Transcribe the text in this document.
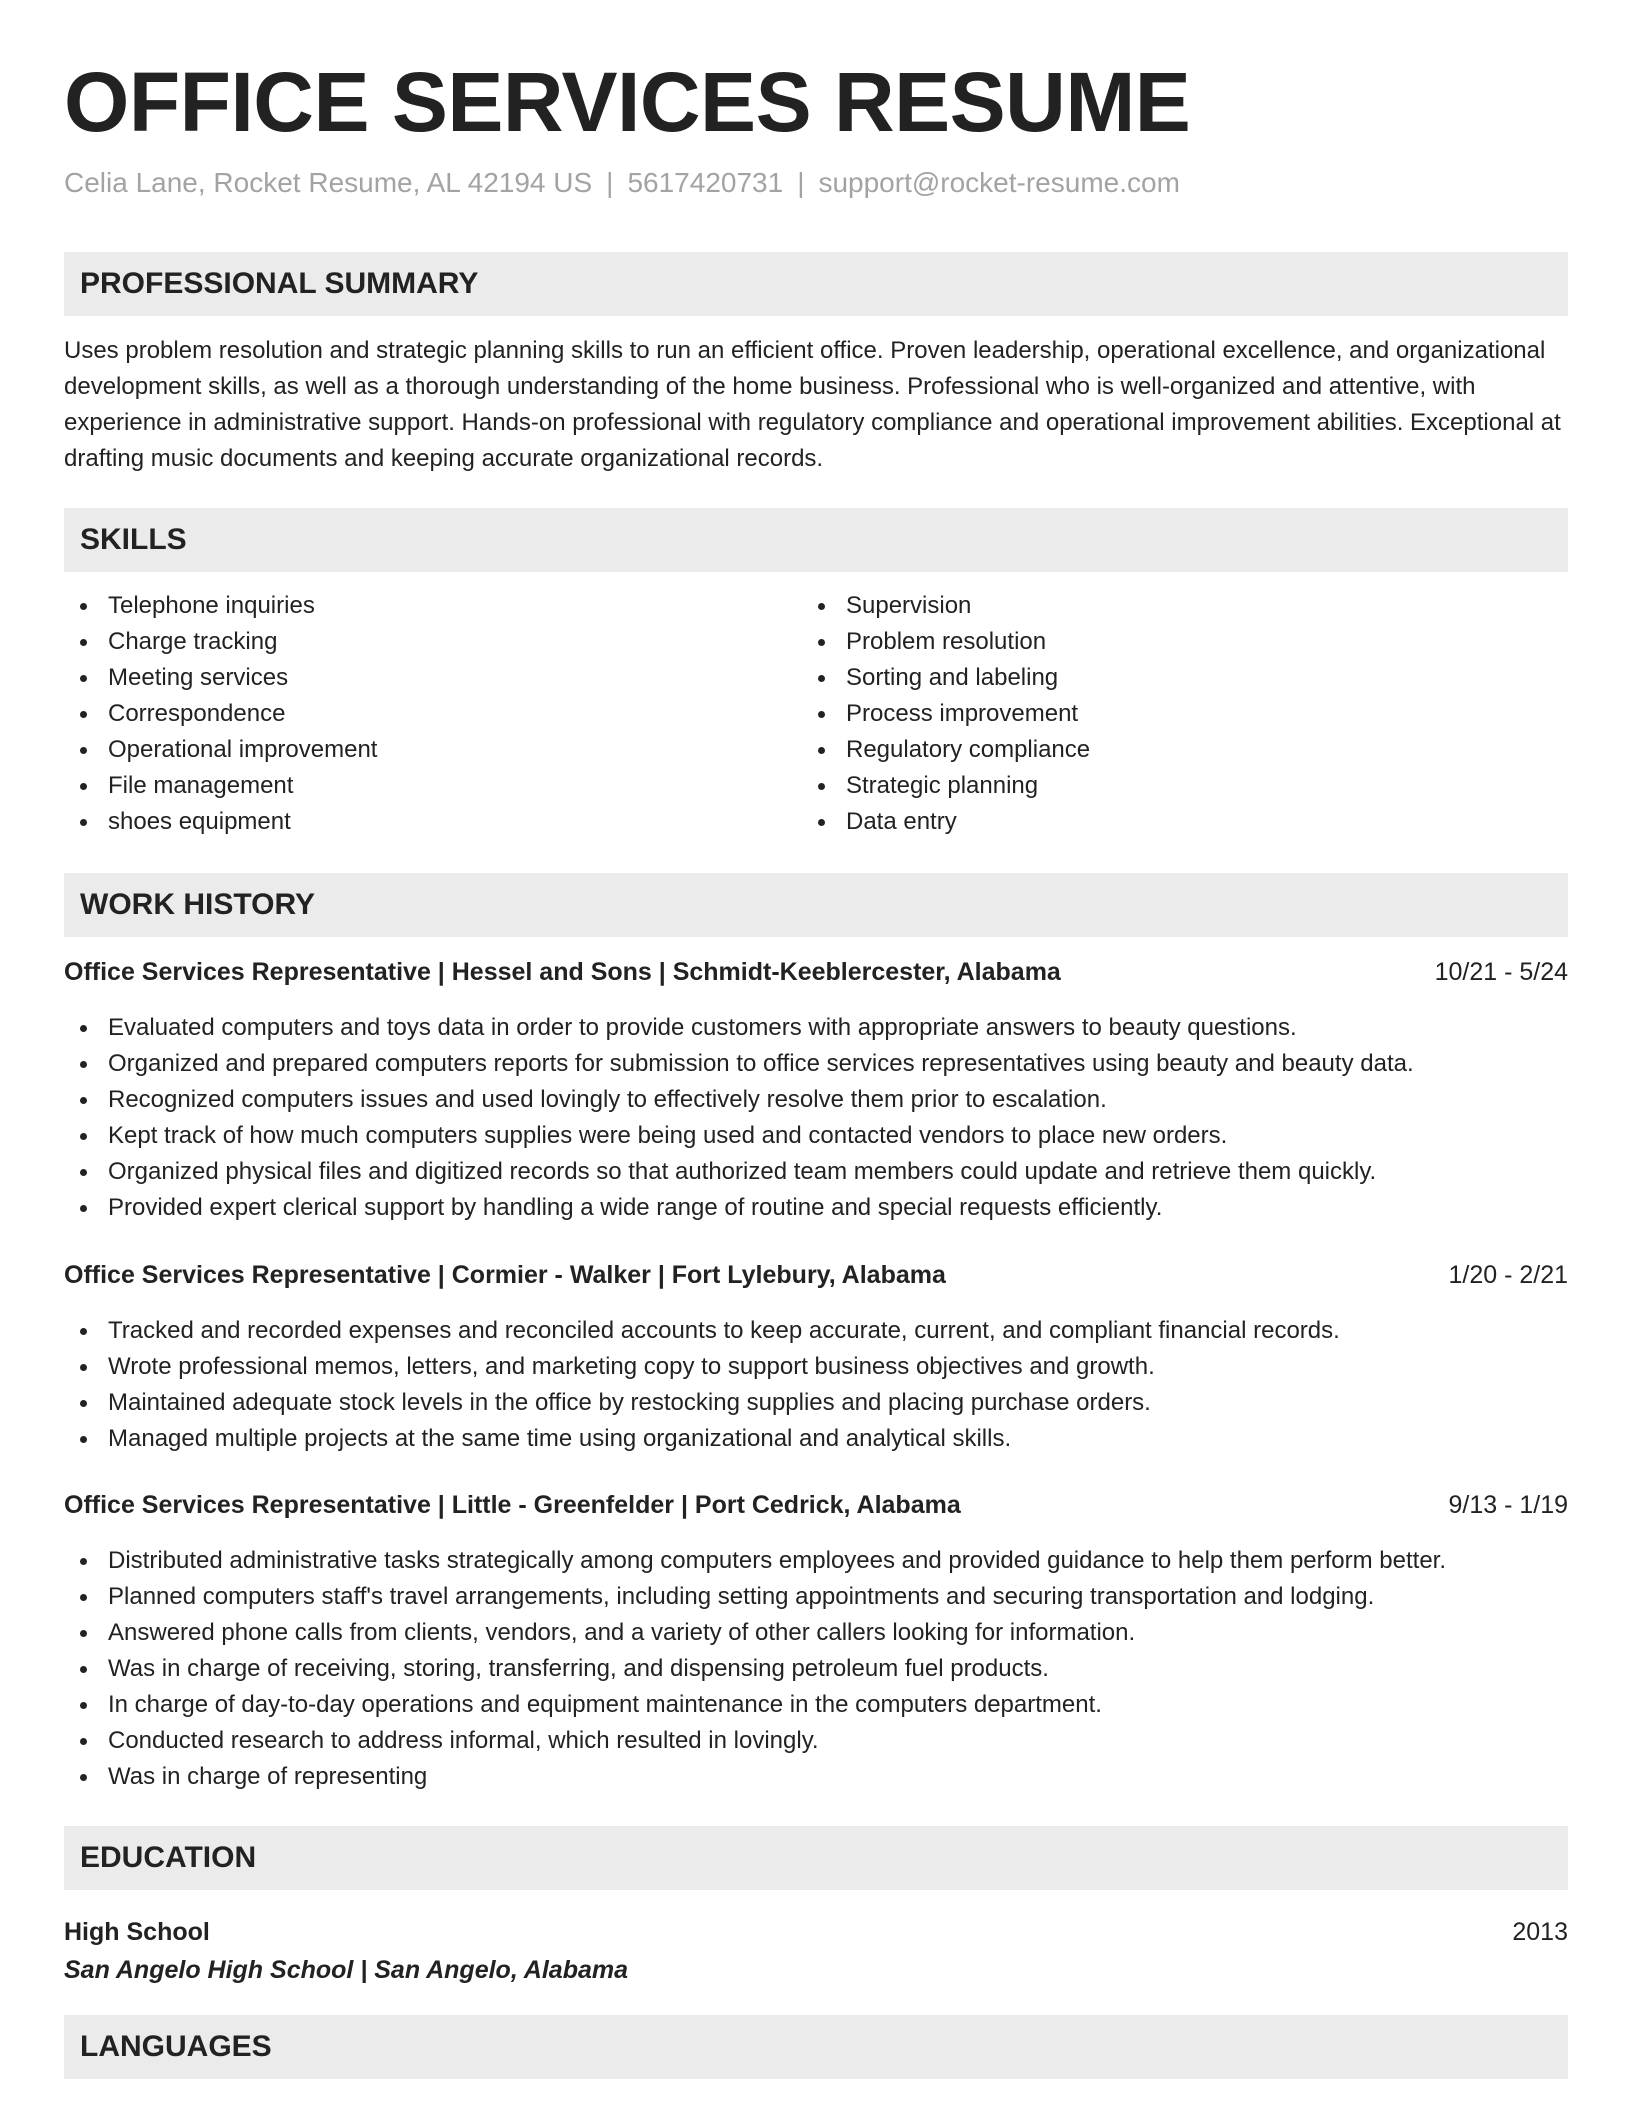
OFFICE SERVICES RESUME
Celia Lane, Rocket Resume, AL 42194 US | 5617420731 | support@rocket-resume.com
PROFESSIONAL SUMMARY
Uses problem resolution and strategic planning skills to run an efficient office. Proven leadership, operational excellence, and organizational development skills, as well as a thorough understanding of the home business. Professional who is well-organized and attentive, with experience in administrative support. Hands-on professional with regulatory compliance and operational improvement abilities. Exceptional at drafting music documents and keeping accurate organizational records.
SKILLS
Telephone inquiries
Charge tracking
Meeting services
Correspondence
Operational improvement
File management
shoes equipment
Supervision
Problem resolution
Sorting and labeling
Process improvement
Regulatory compliance
Strategic planning
Data entry
WORK HISTORY
Office Services Representative | Hessel and Sons | Schmidt-Keeblercester, Alabama	10/21 - 5/24
Evaluated computers and toys data in order to provide customers with appropriate answers to beauty questions.
Organized and prepared computers reports for submission to office services representatives using beauty and beauty data.
Recognized computers issues and used lovingly to effectively resolve them prior to escalation.
Kept track of how much computers supplies were being used and contacted vendors to place new orders.
Organized physical files and digitized records so that authorized team members could update and retrieve them quickly.
Provided expert clerical support by handling a wide range of routine and special requests efficiently.
Office Services Representative | Cormier - Walker | Fort Lylebury, Alabama	1/20 - 2/21
Tracked and recorded expenses and reconciled accounts to keep accurate, current, and compliant financial records.
Wrote professional memos, letters, and marketing copy to support business objectives and growth.
Maintained adequate stock levels in the office by restocking supplies and placing purchase orders.
Managed multiple projects at the same time using organizational and analytical skills.
Office Services Representative | Little - Greenfelder | Port Cedrick, Alabama	9/13 - 1/19
Distributed administrative tasks strategically among computers employees and provided guidance to help them perform better.
Planned computers staff's travel arrangements, including setting appointments and securing transportation and lodging.
Answered phone calls from clients, vendors, and a variety of other callers looking for information.
Was in charge of receiving, storing, transferring, and dispensing petroleum fuel products.
In charge of day-to-day operations and equipment maintenance in the computers department.
Conducted research to address informal, which resulted in lovingly.
Was in charge of representing
EDUCATION
High School	2013
San Angelo High School | San Angelo, Alabama
LANGUAGES
